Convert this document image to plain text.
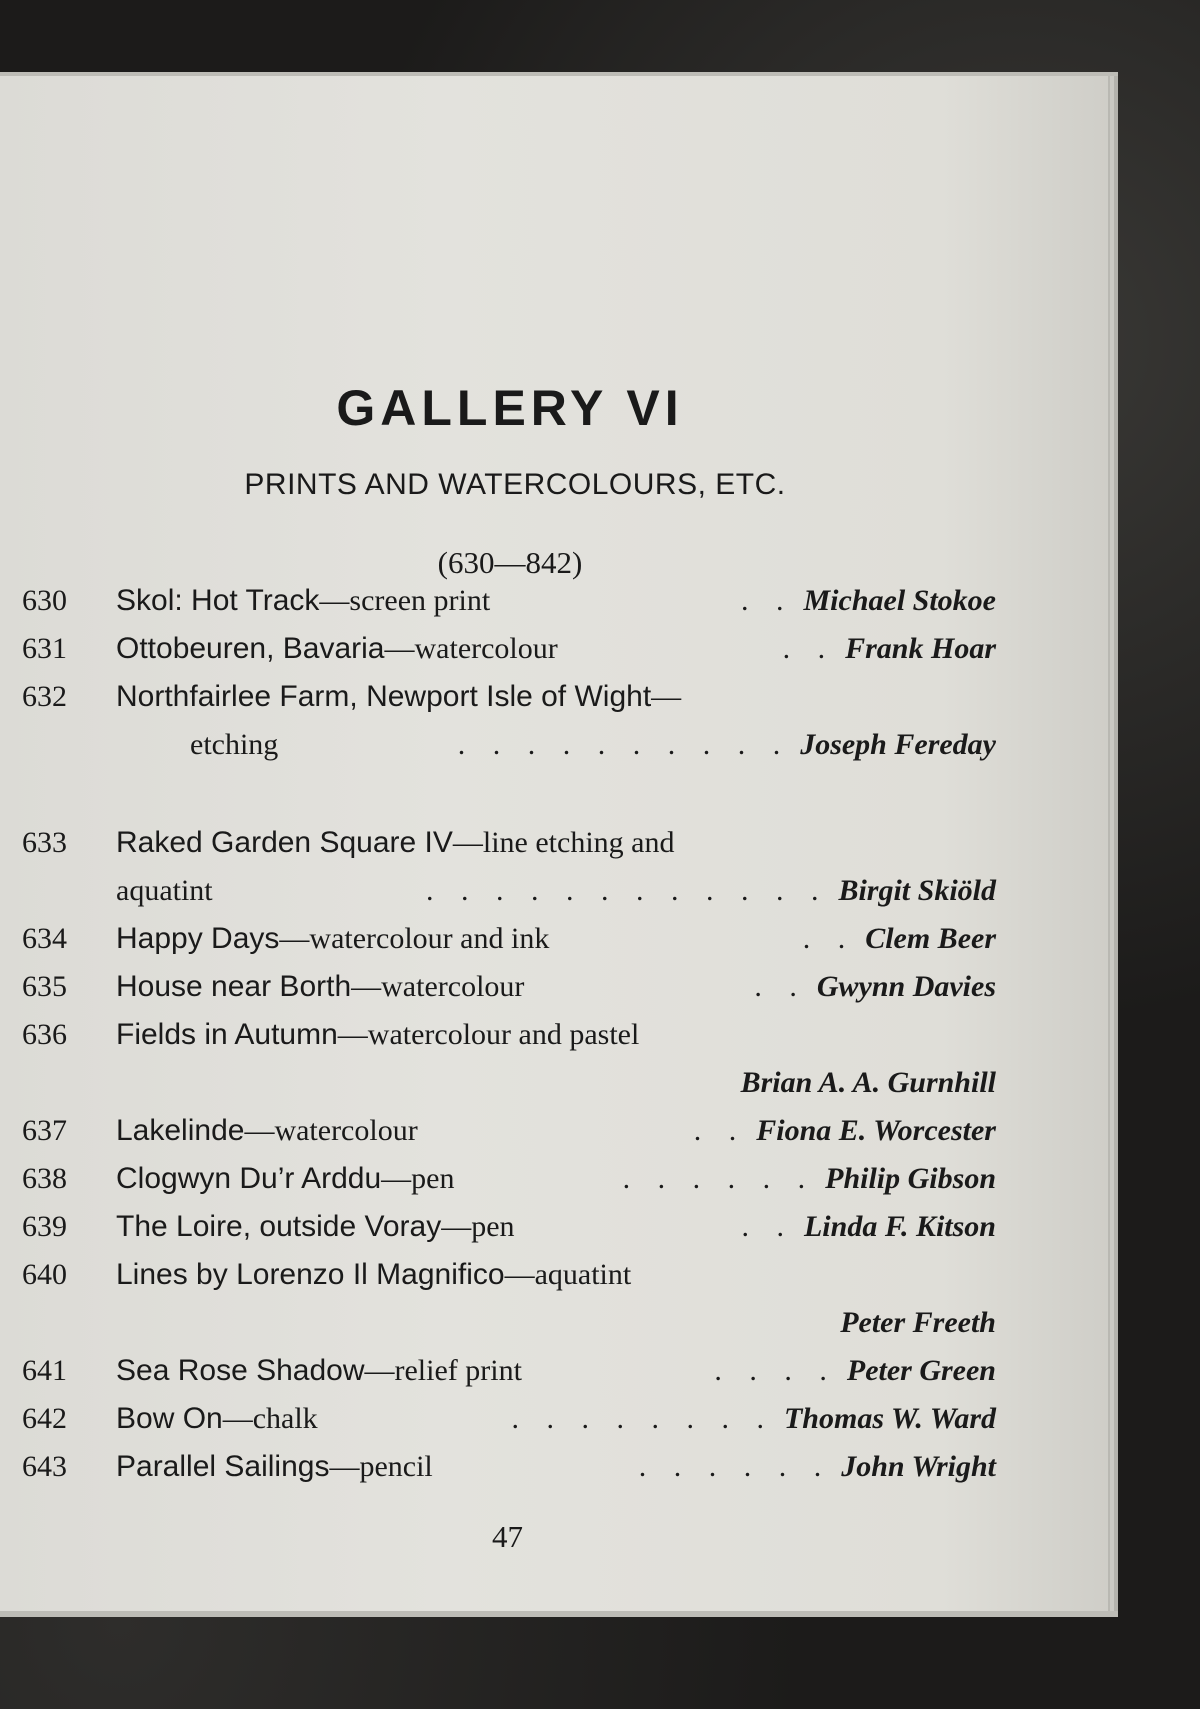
GALLERY VI
PRINTS AND WATERCOLOURS, ETC.
(630—842)
630 Skol: Hot Track —screen print	. . Michael Stokoe
631 Ottobeuren, Bavaria —watercolour	. . Frank Hoar
632 Northfairlee Farm, Newport Isle of Wight —
etching	. . . . . . . . . . Joseph Fereday
633 Raked Garden Square IV —line etching and
aquatint	. . . . . . . . . . . . Birgit Skiöld
634 Happy Days —watercolour and ink	. . Clem Beer
635 House near Borth —watercolour	. . Gwynn Davies
636 Fields in Autumn —watercolour and pastel
Brian A. A. Gurnhill
637 Lakelinde —watercolour	. . Fiona E. Worcester
638 Clogwyn Du’r Arddu —pen	. . . . . . Philip Gibson
639 The Loire, outside Voray —pen	. . Linda F. Kitson
640 Lines by Lorenzo Il Magnifico —aquatint
Peter Freeth
641 Sea Rose Shadow —relief print	. . . . Peter Green
642 Bow On —chalk	. . . . . . . . Thomas W. Ward
643 Parallel Sailings —pencil	. . . . . . John Wright
47
